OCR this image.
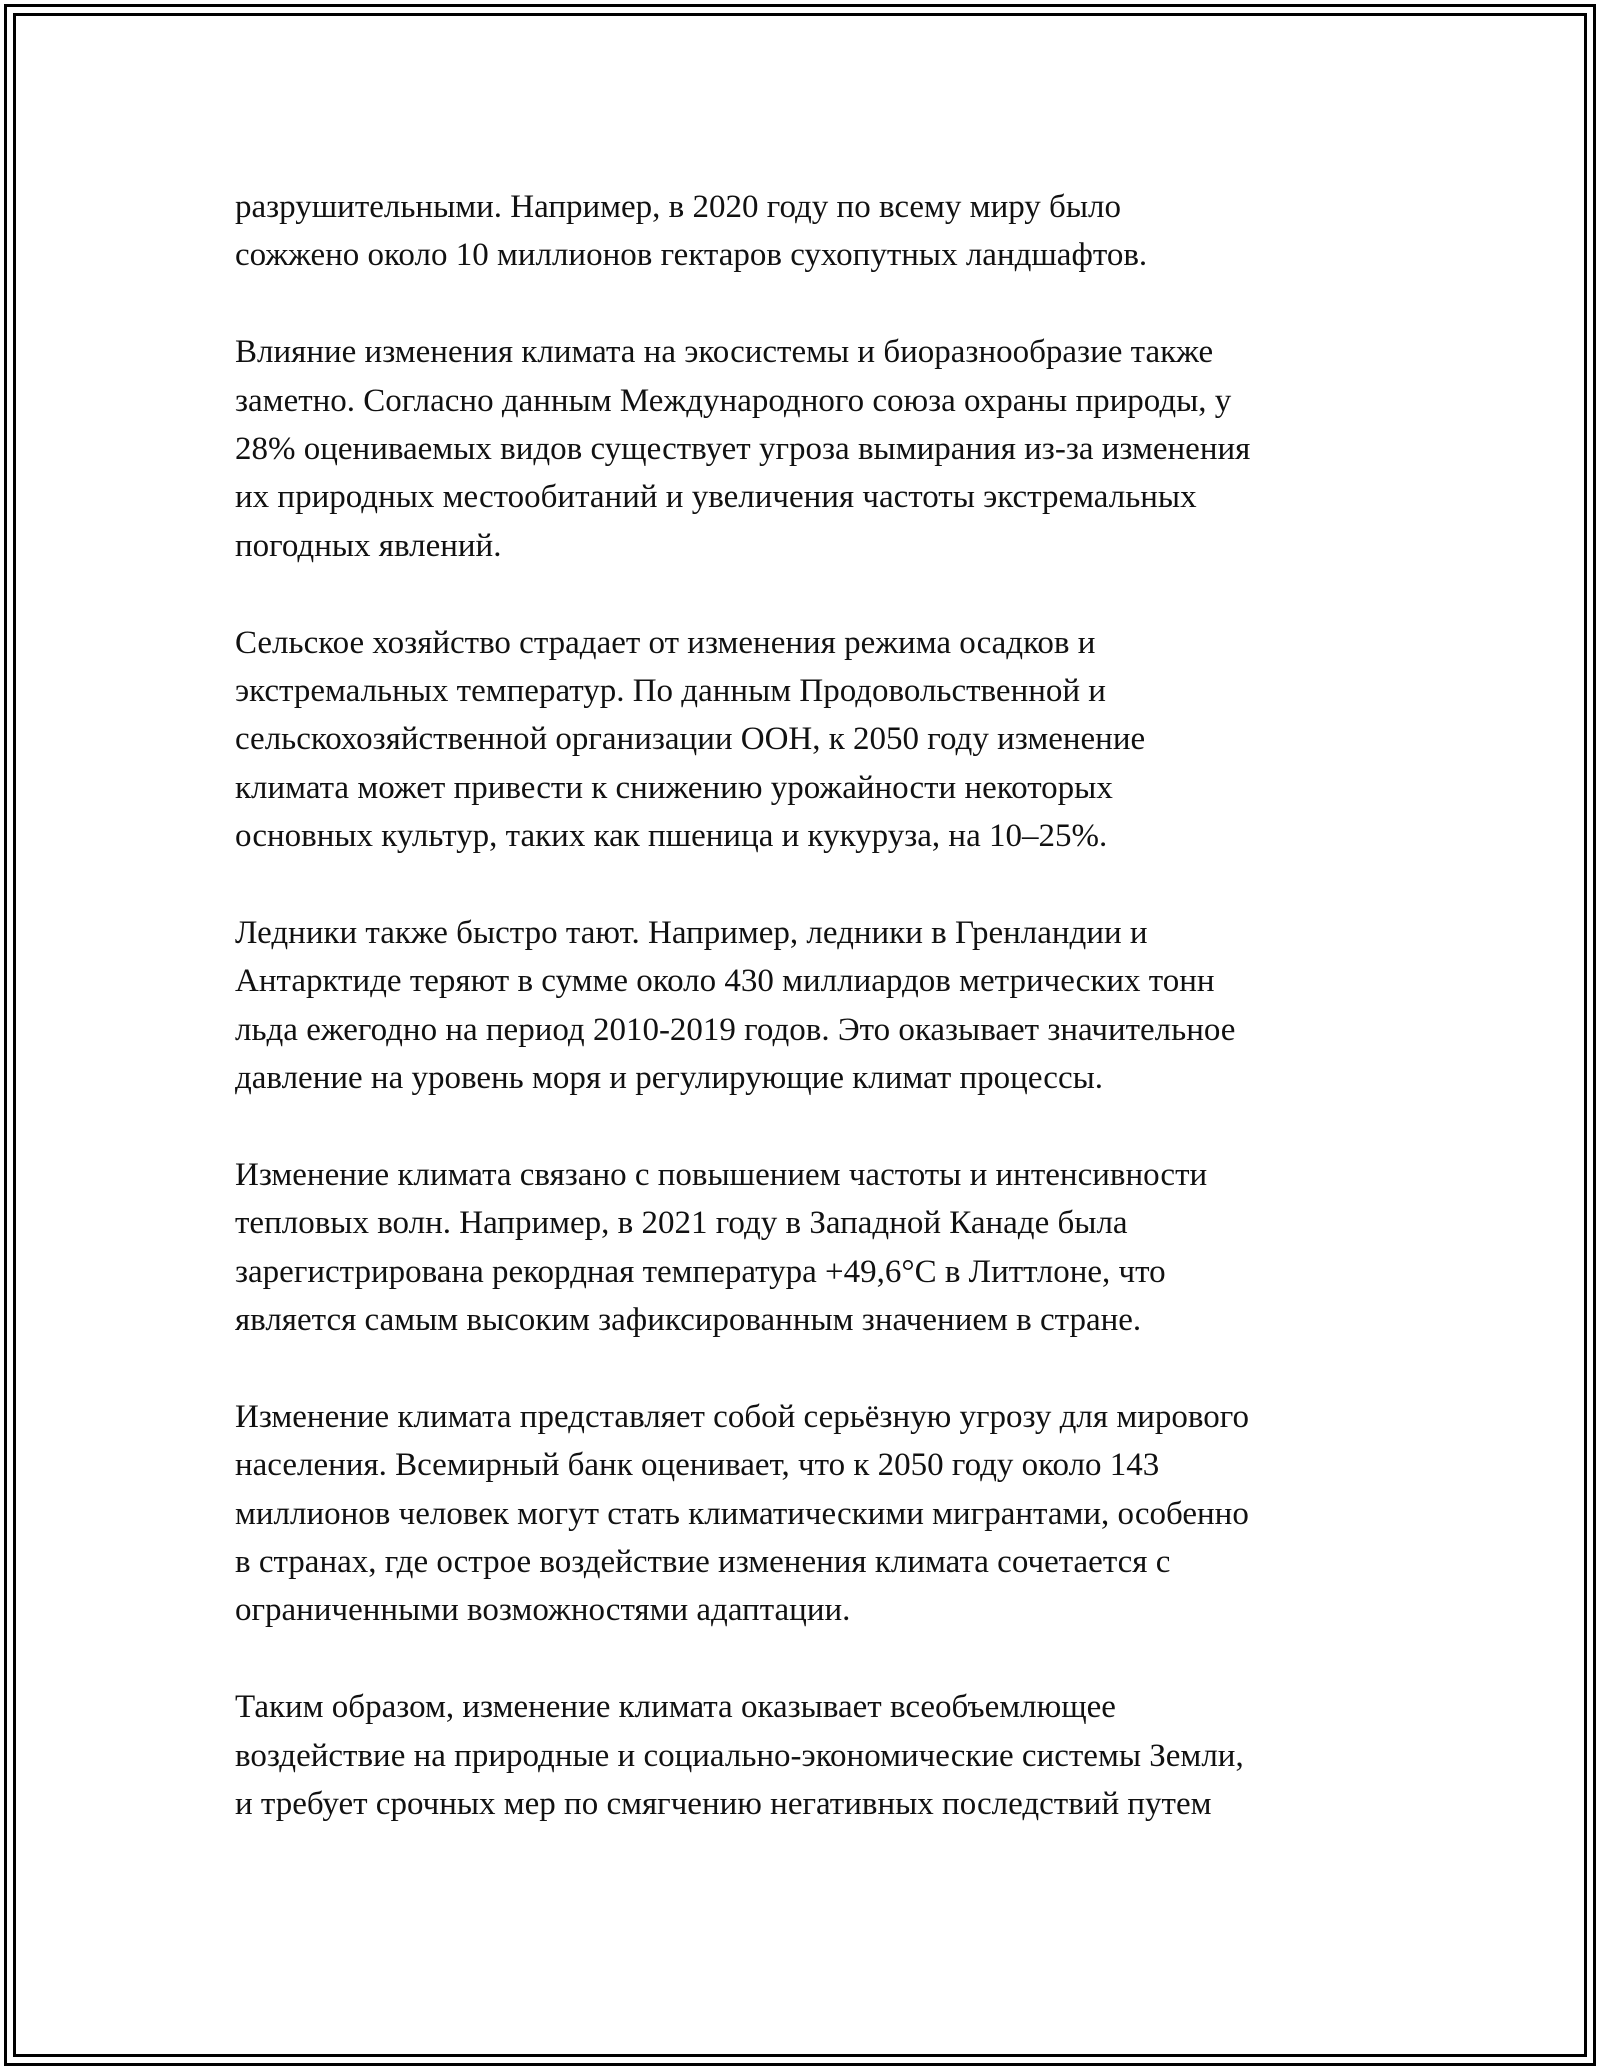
разрушительными. Например, в 2020 году по всему миру было
сожжено около 10 миллионов гектаров сухопутных ландшафтов.
Влияние изменения климата на экосистемы и биоразнообразие также
заметно. Согласно данным Международного союза охраны природы, у
28% оцениваемых видов существует угроза вымирания из-за изменения
их природных местообитаний и увеличения частоты экстремальных
погодных явлений.
Сельское хозяйство страдает от изменения режима осадков и
экстремальных температур. По данным Продовольственной и
сельскохозяйственной организации ООН, к 2050 году изменение
климата может привести к снижению урожайности некоторых
основных культур, таких как пшеница и кукуруза, на 10–25%.
Ледники также быстро тают. Например, ледники в Гренландии и
Антарктиде теряют в сумме около 430 миллиардов метрических тонн
льда ежегодно на период 2010-2019 годов. Это оказывает значительное
давление на уровень моря и регулирующие климат процессы.
Изменение климата связано с повышением частоты и интенсивности
тепловых волн. Например, в 2021 году в Западной Канаде была
зарегистрирована рекордная температура +49,6°C в Литтлоне, что
является самым высоким зафиксированным значением в стране.
Изменение климата представляет собой серьёзную угрозу для мирового
населения. Всемирный банк оценивает, что к 2050 году около 143
миллионов человек могут стать климатическими мигрантами, особенно
в странах, где острое воздействие изменения климата сочетается с
ограниченными возможностями адаптации.
Таким образом, изменение климата оказывает всеобъемлющее
воздействие на природные и социально-экономические системы Земли,
и требует срочных мер по смягчению негативных последствий путем
